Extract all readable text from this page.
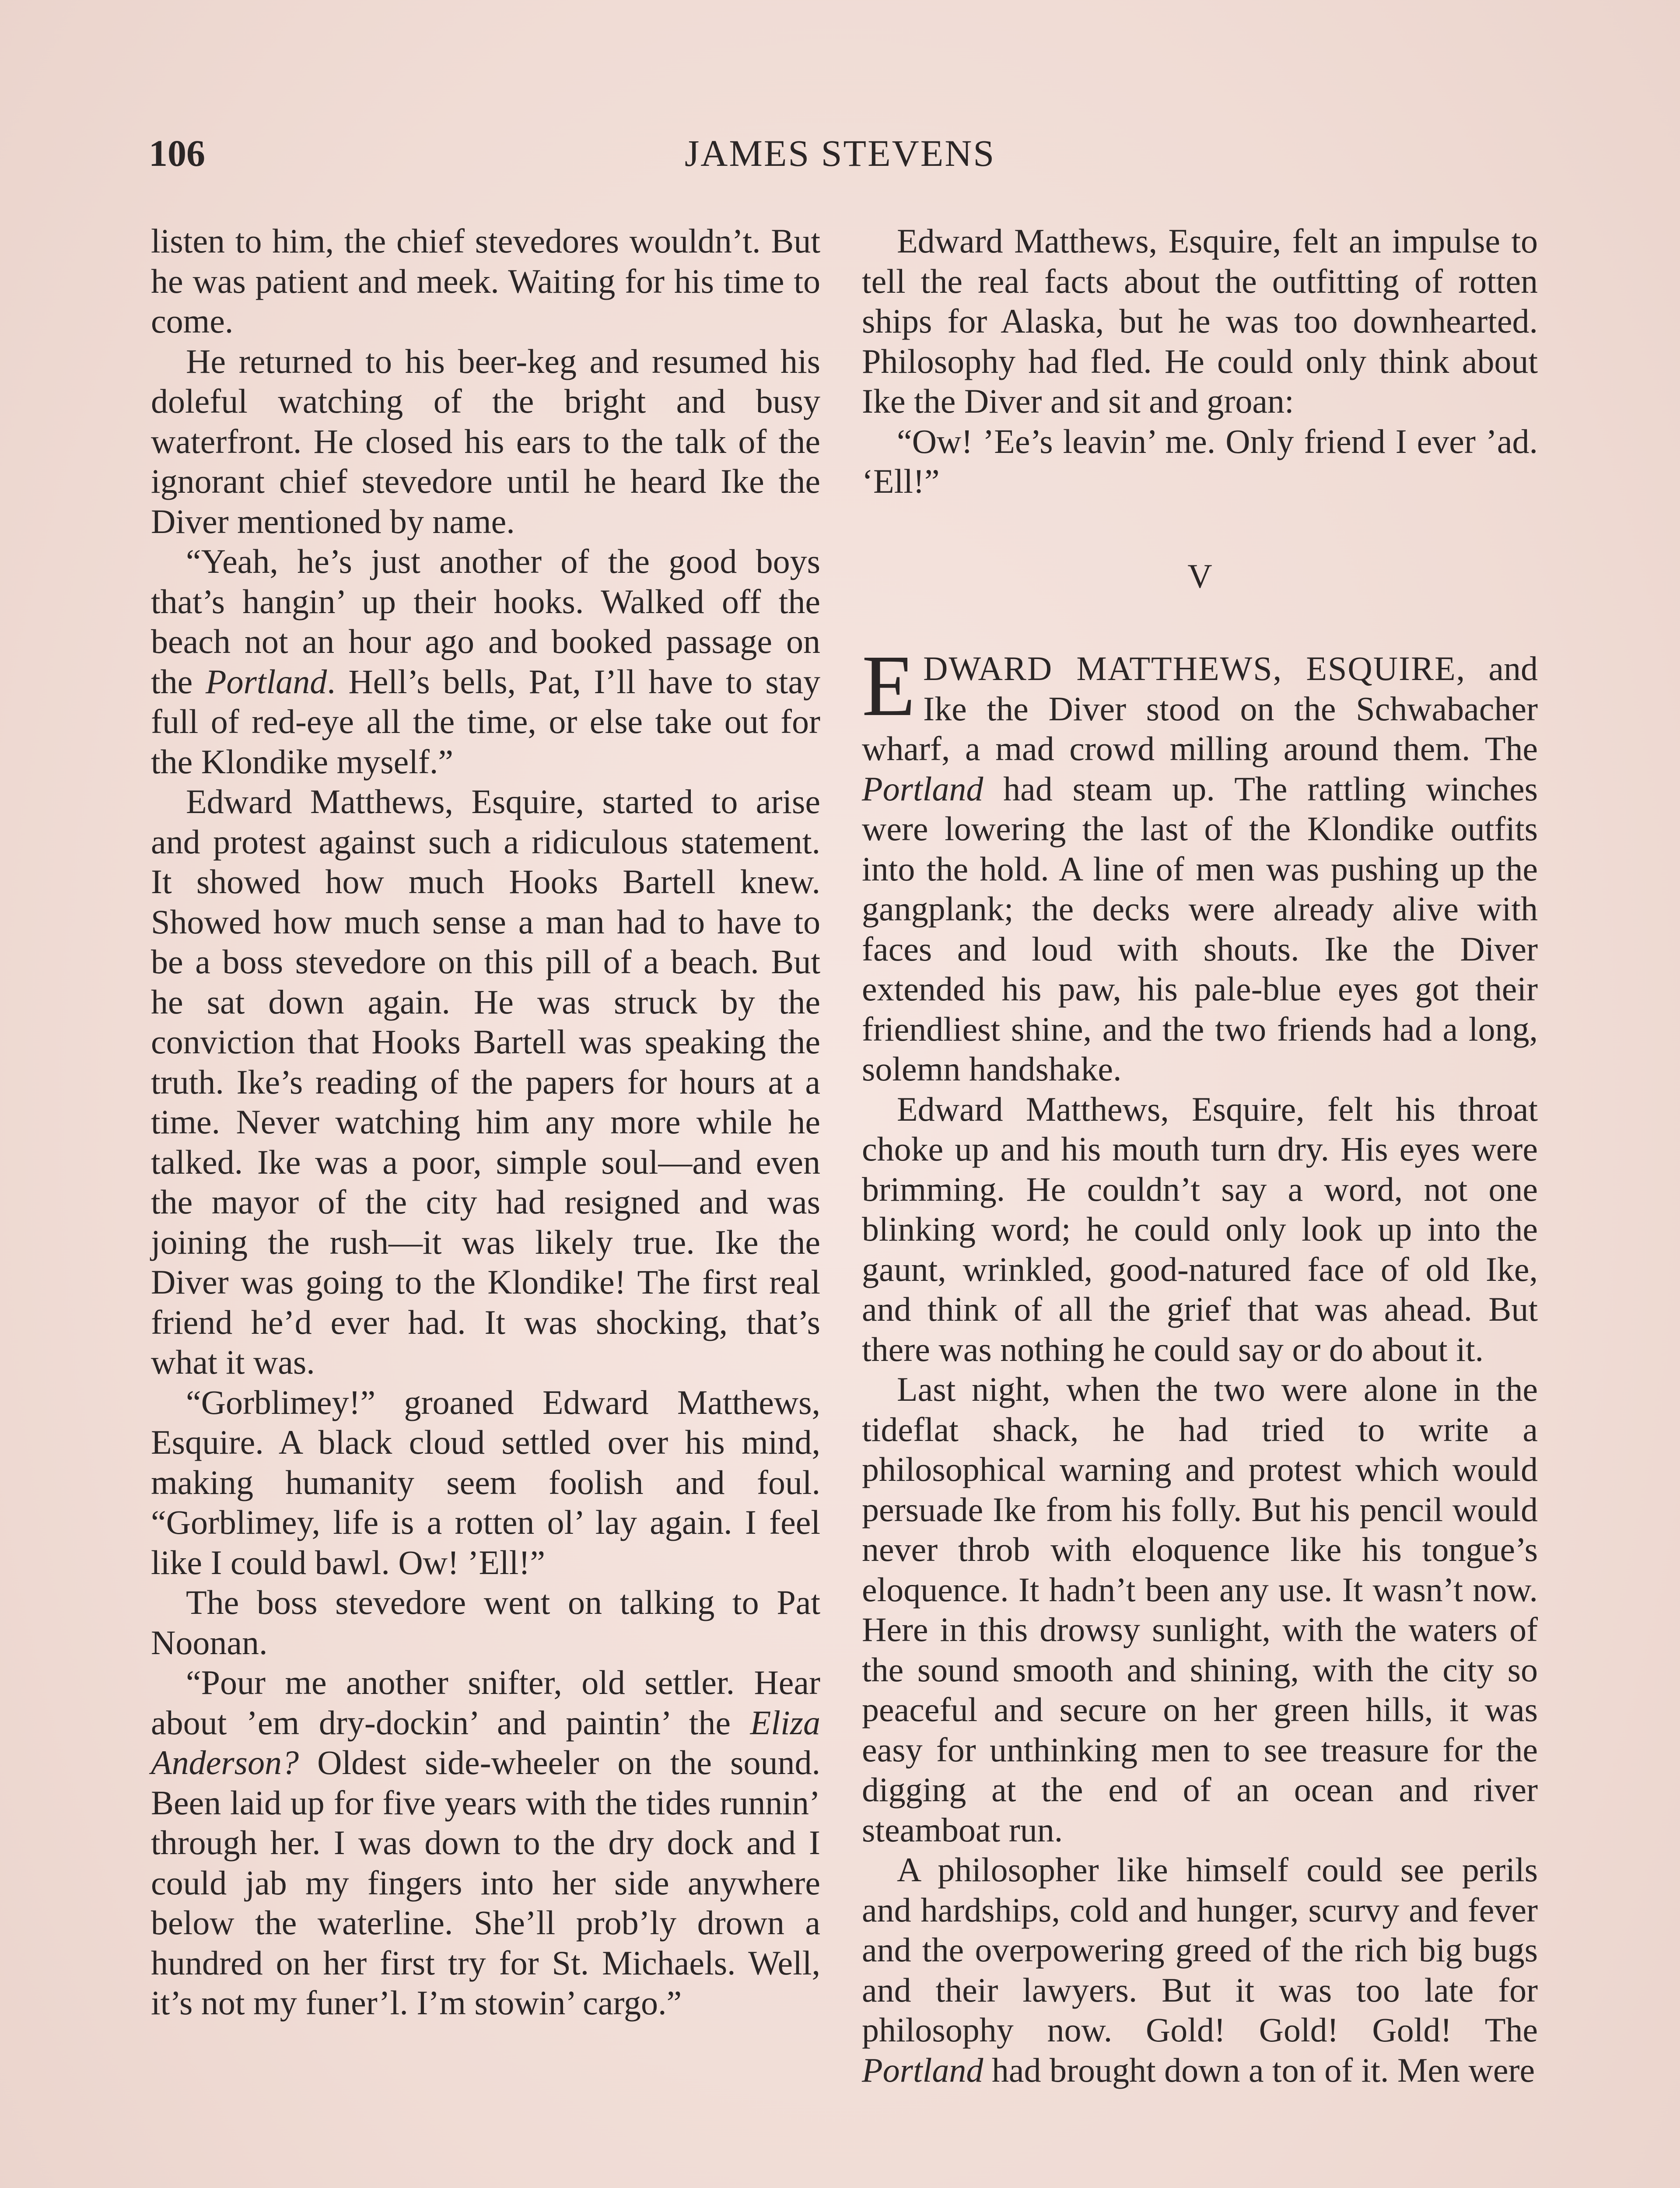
106	JAMES STEVENS

listen to him, the chief stevedores wouldn’t. But he was patient and meek. Waiting for his time to come.

He returned to his beer-keg and resumed his doleful watching of the bright and busy waterfront. He closed his ears to the talk of the ignorant chief stevedore until he heard Ike the Diver mentioned by name.

“Yeah, he’s just another of the good boys that’s hangin’ up their hooks. Walked off the beach not an hour ago and booked passage on the Portland. Hell’s bells, Pat, I’ll have to stay full of red-eye all the time, or else take out for the Klondike myself.”

Edward Matthews, Esquire, started to arise and protest against such a ridiculous statement. It showed how much Hooks Bartell knew. Showed how much sense a man had to have to be a boss stevedore on this pill of a beach. But he sat down again. He was struck by the conviction that Hooks Bartell was speaking the truth. Ike’s reading of the papers for hours at a time. Never watching him any more while he talked. Ike was a poor, simple soul—and even the mayor of the city had resigned and was joining the rush—it was likely true. Ike the Diver was going to the Klondike! The first real friend he’d ever had. It was shocking, that’s what it was.

“Gorblimey!” groaned Edward Matthews, Esquire. A black cloud settled over his mind, making humanity seem foolish and foul. “Gorblimey, life is a rotten ol’ lay again. I feel like I could bawl. Ow! ’Ell!”

The boss stevedore went on talking to Pat Noonan.

“Pour me another snifter, old settler. Hear about ’em dry-dockin’ and paintin’ the Eliza Anderson? Oldest side-wheeler on the sound. Been laid up for five years with the tides runnin’ through her. I was down to the dry dock and I could jab my fingers into her side anywhere below the waterline. She’ll prob’ly drown a hundred on her first try for St. Michaels. Well, it’s not my funer’l. I’m stowin’ cargo.”

Edward Matthews, Esquire, felt an impulse to tell the real facts about the outfitting of rotten ships for Alaska, but he was too downhearted. Philosophy had fled. He could only think about Ike the Diver and sit and groan:

“Ow! ’Ee’s leavin’ me. Only friend I ever ’ad. ‘Ell!”

V

EDWARD MATTHEWS, ESQUIRE, and Ike the Diver stood on the Schwabacher wharf, a mad crowd milling around them. The Portland had steam up. The rattling winches were lowering the last of the Klondike outfits into the hold. A line of men was pushing up the gangplank; the decks were already alive with faces and loud with shouts. Ike the Diver extended his paw, his pale-blue eyes got their friendliest shine, and the two friends had a long, solemn handshake.

Edward Matthews, Esquire, felt his throat choke up and his mouth turn dry. His eyes were brimming. He couldn’t say a word, not one blinking word; he could only look up into the gaunt, wrinkled, good-natured face of old Ike, and think of all the grief that was ahead. But there was nothing he could say or do about it.

Last night, when the two were alone in the tideflat shack, he had tried to write a philosophical warning and protest which would persuade Ike from his folly. But his pencil would never throb with eloquence like his tongue’s eloquence. It hadn’t been any use. It wasn’t now. Here in this drowsy sunlight, with the waters of the sound smooth and shining, with the city so peaceful and secure on her green hills, it was easy for unthinking men to see treasure for the digging at the end of an ocean and river steamboat run.

A philosopher like himself could see perils and hardships, cold and hunger, scurvy and fever and the overpowering greed of the rich big bugs and their lawyers. But it was too late for philosophy now. Gold! Gold! Gold! The Portland had brought down a ton of it. Men were
